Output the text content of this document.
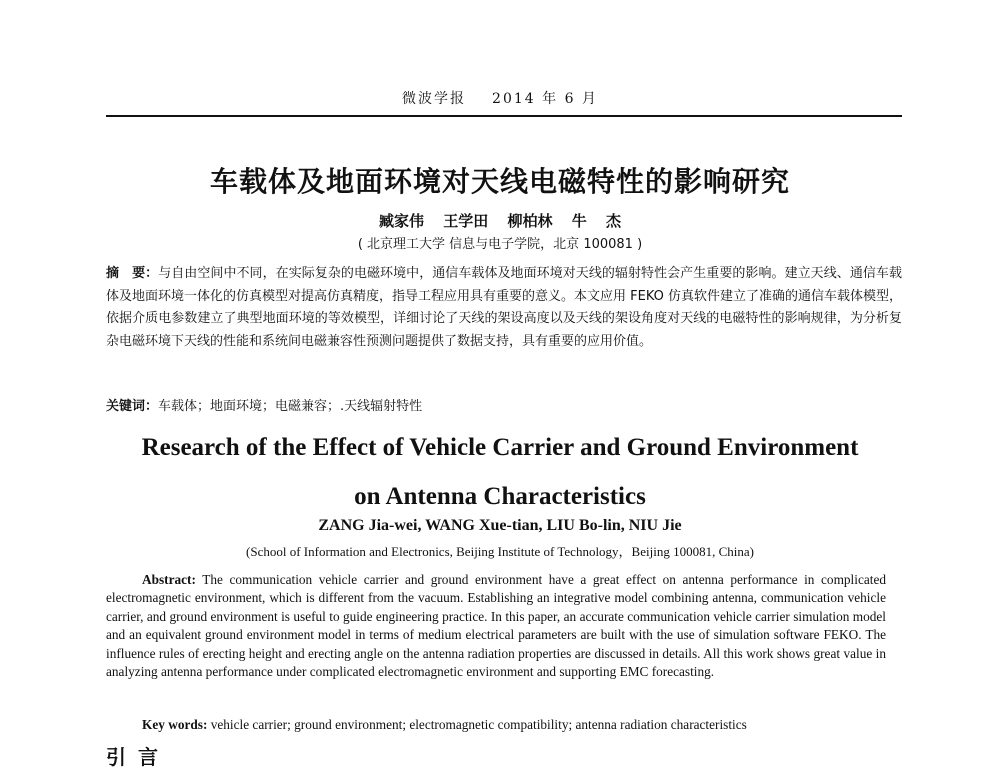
微波学报 2014 年 6 月
车载体及地面环境对天线电磁特性的影响研究
臧家伟 王学田 柳柏林 牛 杰
( 北京理工大学 信息与电子学院，北京 100081 )
摘　要：与自由空间中不同，在实际复杂的电磁环境中，通信车载体及地面环境对天线的辐射特性会产生重要的影响。建立天线、通信车载体及地面环境一体化的仿真模型对提高仿真精度，指导工程应用具有重要的意义。本文应用 FEKO 仿真软件建立了准确的通信车载体模型，依据介质电参数建立了典型地面环境的等效模型，详细讨论了天线的架设高度以及天线的架设角度对天线的电磁特性的影响规律，为分析复杂电磁环境下天线的性能和系统间电磁兼容性预测问题提供了数据支持，具有重要的应用价值。
关键词：车载体；地面环境；电磁兼容；.天线辐射特性
Research of the Effect of Vehicle Carrier and Ground Environment
on Antenna Characteristics
ZANG Jia-wei, WANG Xue-tian, LIU Bo-lin, NIU Jie
(School of Information and Electronics, Beijing Institute of Technology，Beijing 100081, China)
Abstract: The communication vehicle carrier and ground environment have a great effect on antenna performance in complicated electromagnetic environment, which is different from the vacuum. Establishing an integrative model combining antenna, communication vehicle carrier, and ground environment is useful to guide engineering practice. In this paper, an accurate communication vehicle carrier simulation model and an equivalent ground environment model in terms of medium electrical parameters are built with the use of simulation software FEKO. The influence rules of erecting height and erecting angle on the antenna radiation properties are discussed in details. All this work shows great value in analyzing antenna performance under complicated electromagnetic environment and supporting EMC forecasting.
Key words: vehicle carrier; ground environment; electromagnetic compatibility; antenna radiation characteristics
引言
